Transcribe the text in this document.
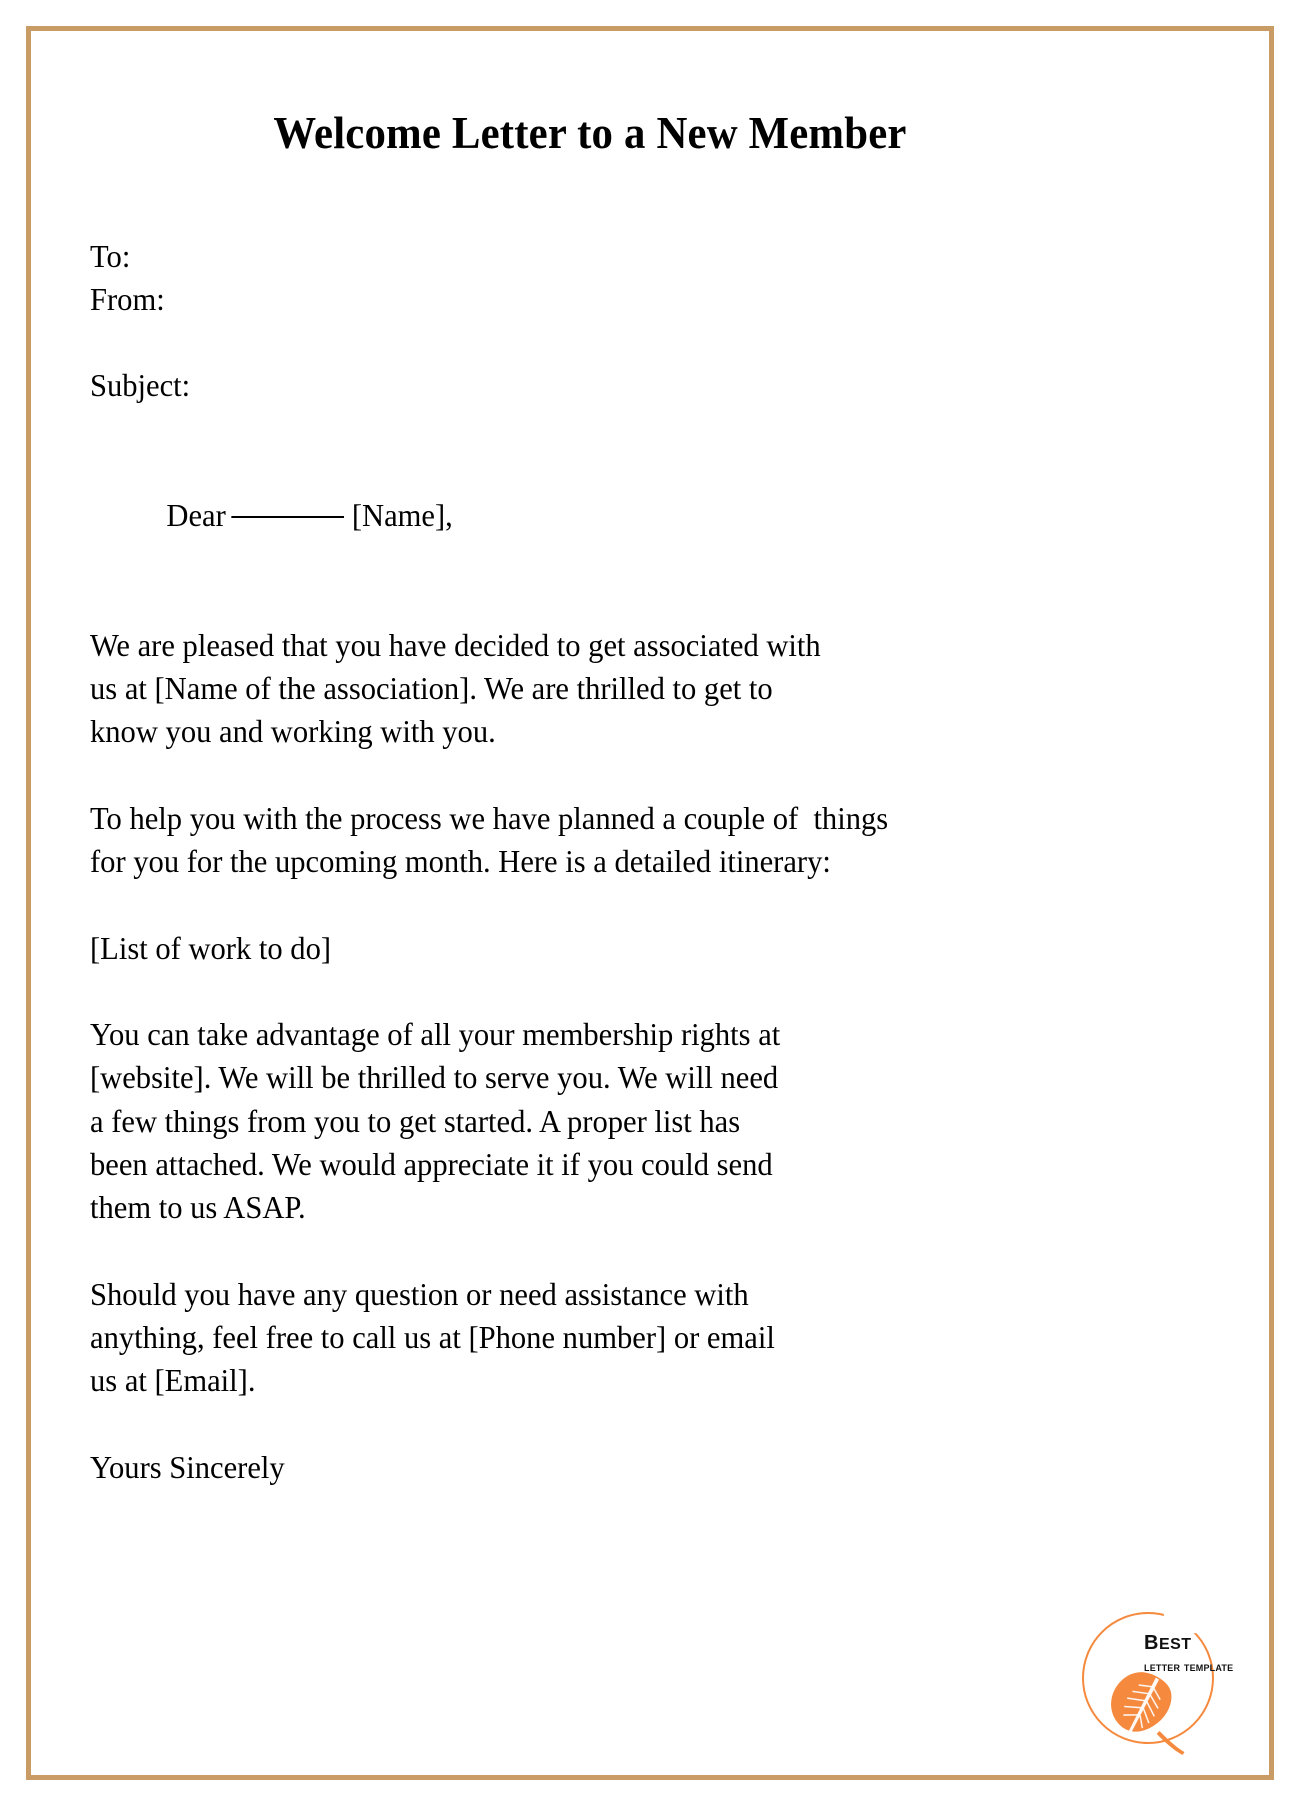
Welcome Letter to a New Member
To:
From:
Subject:

Dear	[Name],

We are pleased that you have decided to get associated with
us at [Name of the association]. We are thrilled to get to
know you and working with you.
To help you with the process we have planned a couple of  things
for you for the upcoming month. Here is a detailed itinerary:
[List of work to do]
You can take advantage of all your membership rights at
[website]. We will be thrilled to serve you. We will need
a few things from you to get started. A proper list has
been attached. We would appreciate it if you could send
them to us ASAP.
Should you have any question or need assistance with
anything, feel free to call us at [Phone number] or email
us at [Email].
Yours Sincerely
best
letter template
